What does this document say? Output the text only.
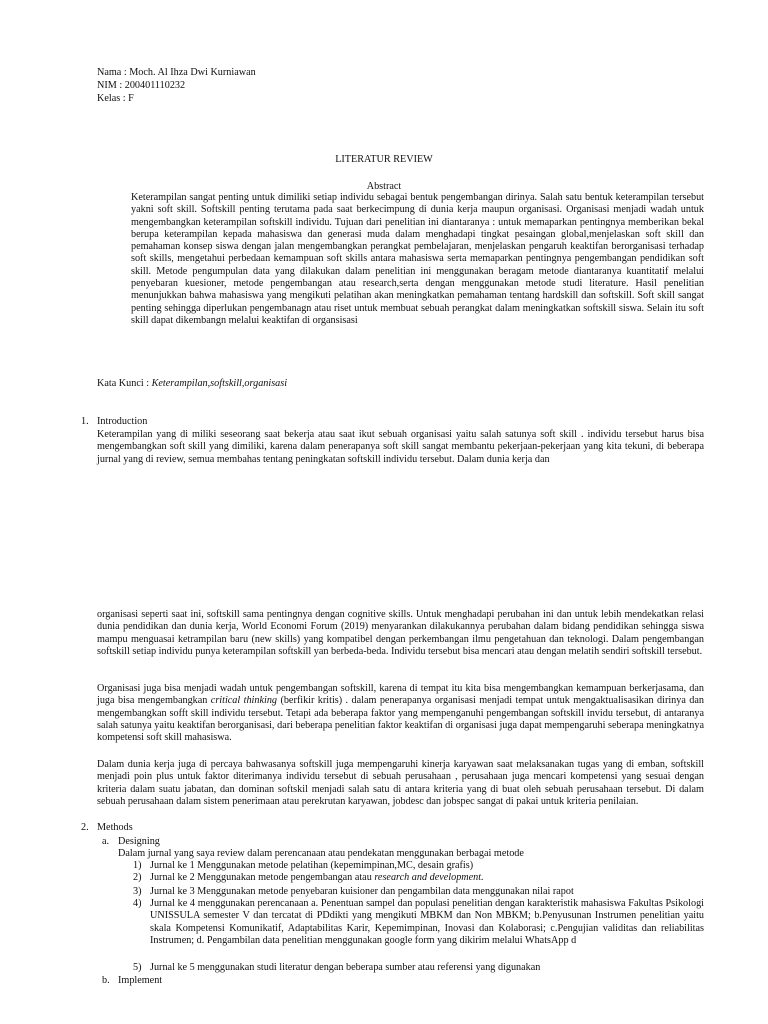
Nama : Moch. Al Ihza Dwi Kurniawan
NIM : 200401110232
Kelas : F
LITERATUR REVIEW
Abstract
Keterampilan sangat penting untuk dimiliki setiap individu sebagai bentuk pengembangan dirinya. Salah satu bentuk keterampilan tersebut yakni soft skill. Softskill penting terutama pada saat berkecimpung di dunia kerja maupun organisasi. Organisasi menjadi wadah untuk mengembangkan keterampilan softskill individu. Tujuan dari penelitian ini diantaranya : untuk memaparkan pentingnya memberikan bekal berupa keterampilan kepada mahasiswa dan generasi muda dalam menghadapi tingkat pesaingan global,menjelaskan soft skill dan pemahaman konsep siswa dengan jalan mengembangkan perangkat pembelajaran, menjelaskan pengaruh keaktifan berorganisasi terhadap soft skills, mengetahui perbedaan kemampuan soft skills antara mahasiswa serta memaparkan pentingnya pengembangan pendidikan soft skill. Metode pengumpulan data yang dilakukan dalam penelitian ini menggunakan beragam metode diantaranya kuantitatif melalui penyebaran kuesioner, metode pengembangan atau research,serta dengan menggunakan metode studi literature. Hasil penelitian menunjukkan bahwa mahasiswa yang mengikuti pelatihan akan meningkatkan pemahaman tentang hardskill dan softskill. Soft skill sangat penting sehingga diperlukan pengembanagn atau riset untuk membuat sebuah perangkat dalam meningkatkan softskill siswa. Selain itu soft skill dapat dikembangn melalui keaktifan di organsisasi
Kata Kunci : Keterampilan,softskill,organisasi
1. Introduction
Keterampilan yang di miliki seseorang saat bekerja atau saat ikut sebuah organisasi yaitu salah satunya soft skill . individu tersebut harus bisa mengembangkan soft skill yang dimiliki, karena dalam penerapanya soft skill sangat membantu pekerjaan-pekerjaan yang kita tekuni, di beberapa jurnal yang di review, semua membahas tentang peningkatan softskill individu tersebut. Dalam dunia kerja dan
organisasi seperti saat ini, softskill sama pentingnya dengan cognitive skills. Untuk menghadapi perubahan ini dan untuk lebih mendekatkan relasi dunia pendidikan dan dunia kerja, World Economi Forum (2019) menyarankan dilakukannya perubahan dalam bidang pendidikan sehingga siswa mampu menguasai ketrampilan baru (new skills) yang kompatibel dengan perkembangan ilmu pengetahuan dan teknologi. Dalam pengembangan softskill setiap individu punya keterampilan softskill yan berbeda-beda. Individu tersebut bisa mencari atau dengan melatih sendiri softskill tersebut.
Organisasi juga bisa menjadi wadah untuk pengembangan softskill, karena di tempat itu kita bisa mengembangkan kemampuan berkerjasama, dan juga bisa mengembangkan critical thinking (berfikir kritis) . dalam penerapanya organisasi menjadi tempat untuk mengaktualisasikan dirinya dan mengembangkan sofft skill individu tersebut. Tetapi ada beberapa faktor yang mempenganuhi pengembangan softskill invidu tersebut, di antaranya salah satunya yaitu keaktifan berorganisasi, dari beberapa penelitian faktor keaktifan di organisasi juga dapat mempengaruhi seberapa meningkatnya kompetensi soft skill mahasiswa.
Dalam dunia kerja juga di percaya bahwasanya softskill juga mempengaruhi kinerja karyawan saat melaksanakan tugas yang di emban, softskill menjadi poin plus untuk faktor diterimanya individu tersebut di sebuah perusahaan , perusahaan juga mencari kompetensi yang sesuai dengan kriteria dalam suatu jabatan, dan dominan softskil menjadi salah satu di antara kriteria yang di buat oleh sebuah perusahaan tersebut. Di dalam sebuah perusahaan dalam sistem penerimaan atau perekrutan karyawan, jobdesc dan jobspec sangat di pakai untuk kriteria penilaian.
2. Methods
a. Designing
Dalam jurnal yang saya review dalam perencanaan atau pendekatan menggunakan berbagai metode
1) Jurnal ke 1 Menggunakan metode pelatihan (kepemimpinan,MC, desain grafis)
2) Jurnal ke 2 Menggunakan metode pengembangan atau research and development.
3) Jurnal ke 3 Menggunakan metode penyebaran kuisioner dan pengambilan data menggunakan nilai rapot
4) Jurnal ke 4 menggunakan perencanaan a. Penentuan sampel dan populasi penelitian dengan karakteristik mahasiswa Fakultas Psikologi UNISSULA semester V dan tercatat di PDdikti yang mengikuti MBKM dan Non MBKM; b.Penyusunan Instrumen penelitian yaitu skala Kompetensi Komunikatif, Adaptabilitas Karir, Kepemimpinan, Inovasi dan Kolaborasi; c.Pengujian validitas dan reliabilitas Instrumen; d. Pengambilan data penelitian menggunakan google form yang dikirim melalui WhatsApp d
5) Jurnal ke 5 menggunakan studi literatur dengan beberapa sumber atau referensi yang digunakan
b. Implement
